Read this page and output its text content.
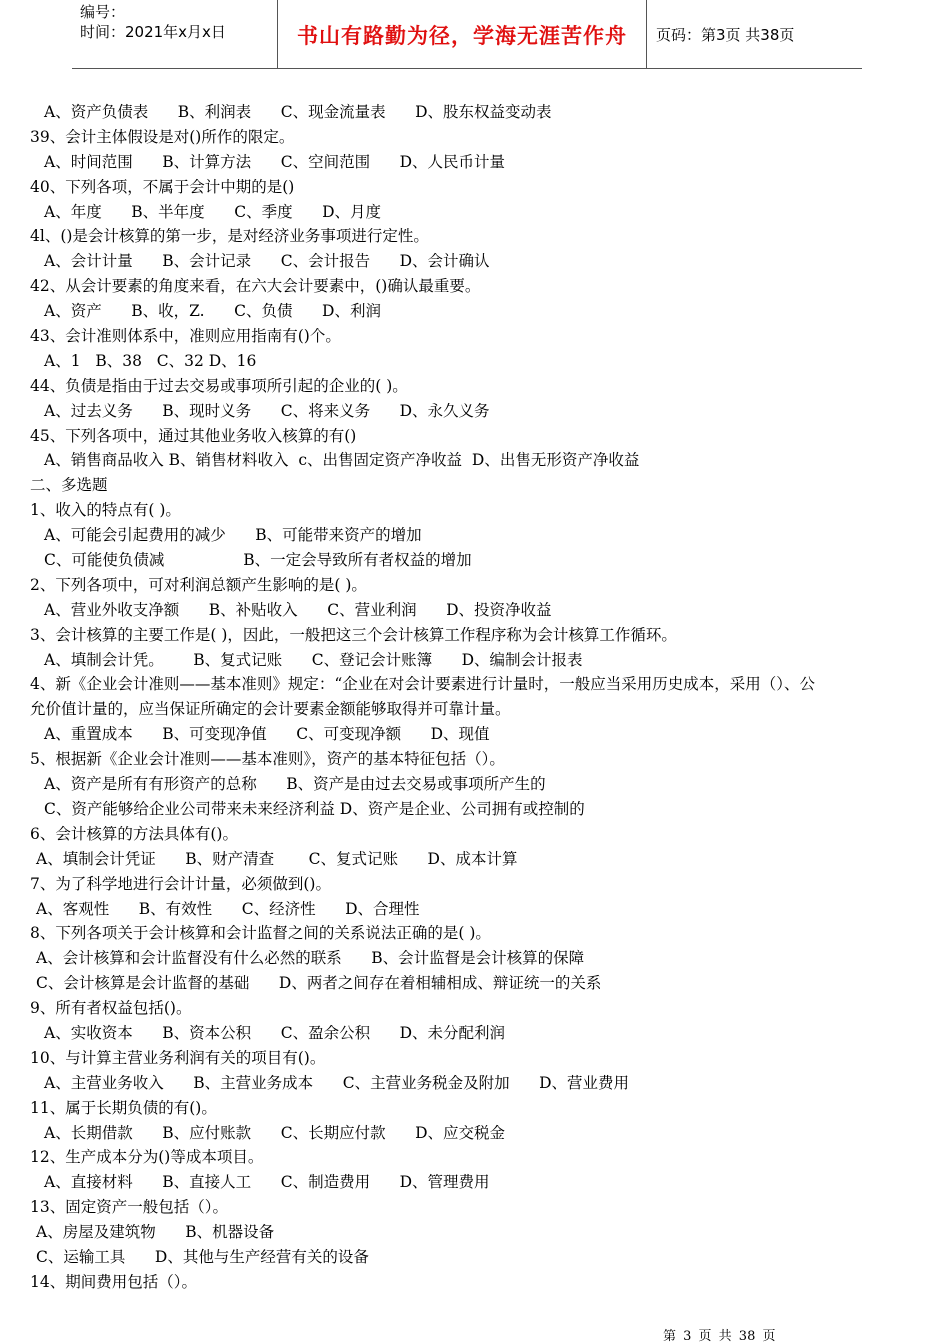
编号：
时间：2021年x月x日	书山有路勤为径，学海无涯苦作舟	页码：第3页 共38页
A、资产负债表      B、利润表      C、现金流量表      D、股东权益变动表
39、会计主体假设是对()所作的限定。
A、时间范围      B、计算方法      C、空间范围      D、人民币计量
40、下列各项，不属于会计中期的是()
A、年度      B、半年度      C、季度      D、月度
4l、()是会计核算的第一步，是对经济业务事项进行定性。
A、会计计量      B、会计记录      C、会计报告      D、会计确认
42、从会计要素的角度来看，在六大会计要素中，()确认最重要。
A、资产      B、收，Z.      C、负债      D、利润
43、会计准则体系中，准则应用指南有()个。
A、1   B、38   C、32 D、16
44、负债是指由于过去交易或事项所引起的企业的( )。
A、过去义务      B、现时义务      C、将来义务      D、永久义务
45、下列各项中，通过其他业务收入核算的有()
A、销售商品收入 B、销售材料收入  c、出售固定资产净收益  D、出售无形资产净收益
二、多选题
1、收入的特点有( )。
A、可能会引起费用的减少      B、可能带来资产的增加
C、可能使负债减                B、一定会导致所有者权益的增加
2、下列各项中，可对利润总额产生影响的是( )。
A、营业外收支净额      B、补贴收入      C、营业利润      D、投资净收益
3、会计核算的主要工作是( )，因此，一般把这三个会计核算工作程序称为会计核算工作循环。
A、填制会计凭。      B、复式记账      C、登记会计账簿      D、编制会计报表
4、新《企业会计准则——基本准则》规定：“企业在对会计要素进行计量时，一般应当采用历史成本，采用（）、公
允价值计量的，应当保证所确定的会计要素金额能够取得并可靠计量。
A、重置成本      B、可变现净值      C、可变现净额      D、现值
5、根据新《企业会计准则——基本准则》，资产的基本特征包括（）。
A、资产是所有有形资产的总称      B、资产是由过去交易或事项所产生的
C、资产能够给企业公司带来未来经济利益 D、资产是企业、公司拥有或控制的
6、会计核算的方法具体有()。
A、填制会计凭证      B、财产清查       C、复式记账      D、成本计算
7、为了科学地进行会计计量，必须做到()。
A、客观性      B、有效性      C、经济性      D、合理性
8、下列各项关于会计核算和会计监督之间的关系说法正确的是( )。
A、会计核算和会计监督没有什么必然的联系      B、会计监督是会计核算的保障
C、会计核算是会计监督的基础      D、两者之间存在着相辅相成、辩证统一的关系
9、所有者权益包括()。
A、实收资本      B、资本公积      C、盈余公积      D、未分配利润
10、与计算主营业务利润有关的项目有()。
A、主营业务收入      B、主营业务成本      C、主营业务税金及附加      D、营业费用
11、属于长期负债的有()。
A、长期借款      B、应付账款      C、长期应付款      D、应交税金
12、生产成本分为()等成本项目。
A、直接材料      B、直接人工      C、制造费用      D、管理费用
13、固定资产一般包括（）。
A、房屋及建筑物      B、机器设备
C、运输工具      D、其他与生产经营有关的设备
14、期间费用包括（）。
第 3 页 共 38 页
